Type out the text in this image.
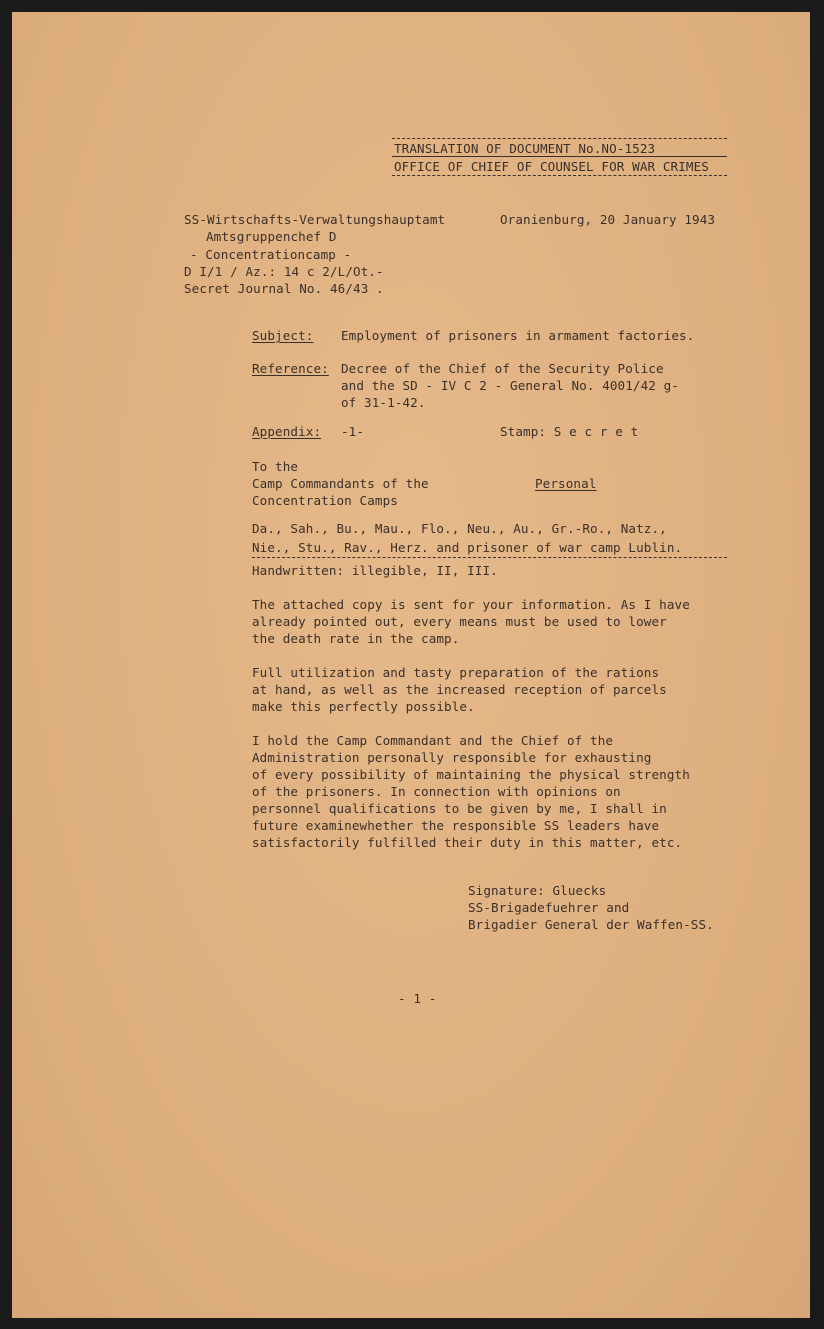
TRANSLATION OF DOCUMENT No.NO-1523
OFFICE OF CHIEF OF COUNSEL FOR WAR CRIMES
SS-Wirtschafts-Verwaltungshauptamt	Oranienburg, 20 January 1943
Amtsgruppenchef D
- Concentrationcamp -
D I/1 / Az.: 14 c 2/L/Ot.-
Secret Journal No. 46/43 .
Subject: Employment of prisoners in armament factories.
Reference: Decree of the Chief of the Security Police
and the SD - IV C 2 - General No. 4001/42 g-
of 31-1-42.
Appendix: -1-	Stamp: S e c r e t
To the
Camp Commandants of the	Personal
Concentration Camps
Da., Sah., Bu., Mau., Flo., Neu., Au., Gr.-Ro., Natz.,
Nie., Stu., Rav., Herz. and prisoner of war camp Lublin.
Handwritten: illegible, II, III.
The attached copy is sent for your information. As I have
already pointed out, every means must be used to lower
the death rate in the camp.
Full utilization and tasty preparation of the rations
at hand, as well as the increased reception of parcels
make this perfectly possible.
I hold the Camp Commandant and the Chief of the
Administration personally responsible for exhausting
of every possibility of maintaining the physical strength
of the prisoners. In connection with opinions on
personnel qualifications to be given by me, I shall in
future examinewhether the responsible SS leaders have
satisfactorily fulfilled their duty in this matter, etc.
Signature: Gluecks
SS-Brigadefuehrer and
Brigadier General der Waffen-SS.
- 1 -
